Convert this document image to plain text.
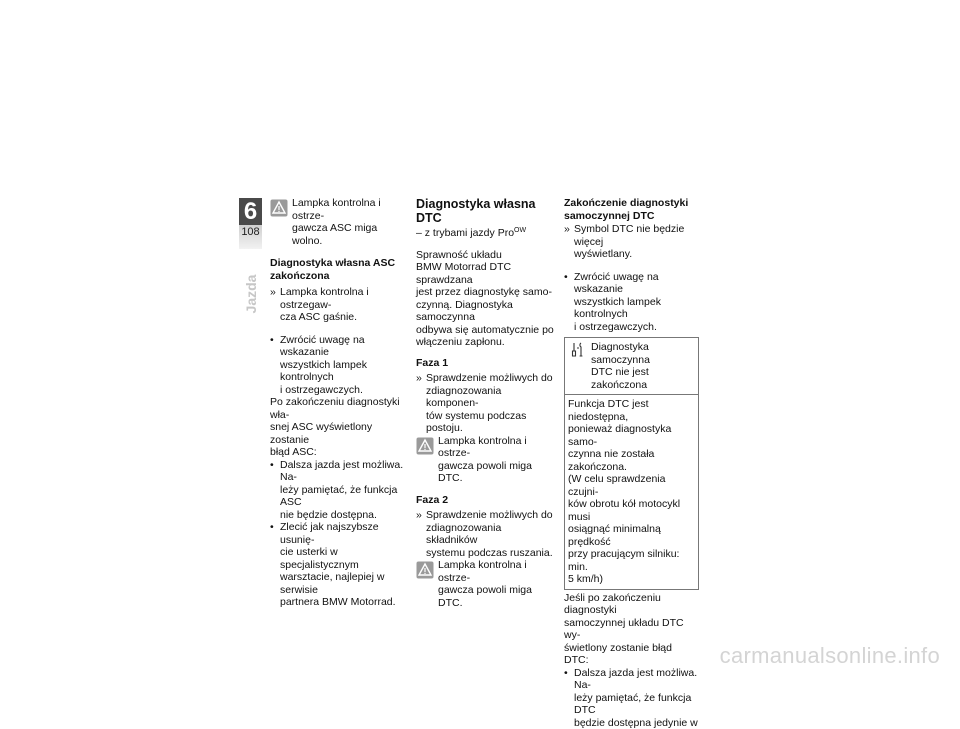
6
108
Jazda

Lampka kontrolna i ostrze-

gawcza ASC miga wolno.

Diagnostyka własna ASC

zakończona

» Lampka kontrolna i ostrzegaw-

cza ASC gaśnie.

• Zwrócić uwagę na wskazanie

wszystkich lampek kontrolnych

i ostrzegawczych.

Po zakończeniu diagnostyki wła-

snej ASC wyświetlony zostanie

błąd ASC:

• Dalsza jazda jest możliwa. Na-

leży pamiętać, że funkcja ASC

nie będzie dostępna.

• Zlecić jak najszybsze usunię-

cie usterki w specjalistycznym

warsztacie, najlepiej w serwisie

partnera BMW Motorrad.

Diagnostyka własna DTC
– z trybami jazdy Pro$^{OW}$

Sprawność układu

BMW Motorrad DTC sprawdzana

jest przez diagnostykę samo-

czynną. Diagnostyka samoczynna

odbywa się automatycznie po

włączeniu zapłonu.

Faza 1
» Sprawdzenie możliwych do

zdiagnozowania komponen-

tów systemu podczas postoju.

Lampka kontrolna i ostrze-

gawcza powoli miga DTC.

Faza 2
» Sprawdzenie możliwych do

zdiagnozowania składników

systemu podczas ruszania.

Lampka kontrolna i ostrze-

gawcza powoli miga DTC.

Zakończenie diagnostyki

samoczynnej DTC

» Symbol DTC nie będzie więcej

wyświetlany.

• Zwrócić uwagę na wskazanie

wszystkich lampek kontrolnych

i ostrzegawczych.

Diagnostyka samoczynna

DTC nie jest zakończona

Funkcja DTC jest niedostępna,

ponieważ diagnostyka samo-

czynna nie została zakończona.

(W celu sprawdzenia czujni-

ków obrotu kół motocykl musi

osiągnąć minimalną prędkość

przy pracującym silniku: min.

5 km/h)

Jeśli po zakończeniu diagnostyki

samoczynnej układu DTC wy-

świetlony zostanie błąd DTC:

• Dalsza jazda jest możliwa. Na-

leży pamiętać, że funkcja DTC

będzie dostępna jedynie w

carmanualsonline.info
